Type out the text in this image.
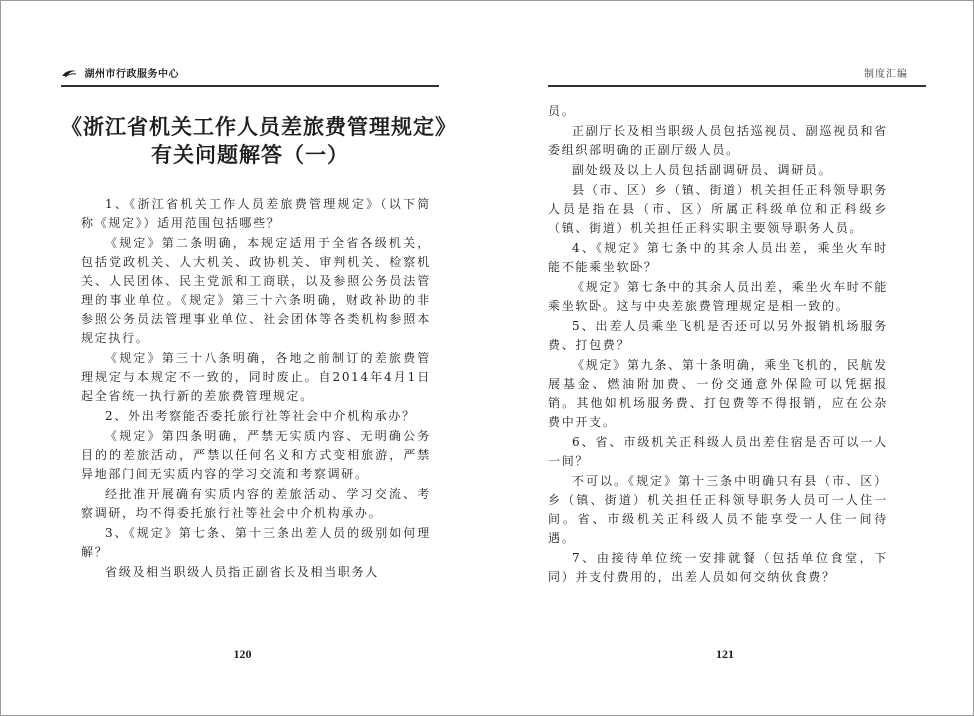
湖州市行政服务中心
《浙江省机关工作人员差旅费管理规定》
有关问题解答（一）

1、《浙江省机关工作人员差旅费管理规定》（以下简称《规定》）适用范围包括哪些？

《规定》第二条明确，本规定适用于全省各级机关，包括党政机关、人大机关、政协机关、审判机关、检察机关、人民团体、民主党派和工商联，以及参照公务员法管理的事业单位。《规定》第三十六条明确，财政补助的非参照公务员法管理事业单位、社会团体等各类机构参照本规定执行。

《规定》第三十八条明确，各地之前制订的差旅费管理规定与本规定不一致的，同时废止。自2014年4月1日起全省统一执行新的差旅费管理规定。

2、外出考察能否委托旅行社等社会中介机构承办？

《规定》第四条明确，严禁无实质内容、无明确公务目的的差旅活动，严禁以任何名义和方式变相旅游，严禁异地部门间无实质内容的学习交流和考察调研。

经批准开展确有实质内容的差旅活动、学习交流、考察调研，均不得委托旅行社等社会中介机构承办。

3、《规定》第七条、第十三条出差人员的级别如何理解？

省级及相当职级人员指正副省长及相当职务人

120
制度汇编

员。

正副厅长及相当职级人员包括巡视员、副巡视员和省委组织部明确的正副厅级人员。

副处级及以上人员包括副调研员、调研员。

县（市、区）乡（镇、街道）机关担任正科领导职务人员是指在县（市、区）所属正科级单位和正科级乡（镇、街道）机关担任正科实职主要领导职务人员。

4、《规定》第七条中的其余人员出差，乘坐火车时能不能乘坐软卧？

《规定》第七条中的其余人员出差，乘坐火车时不能乘坐软卧。这与中央差旅费管理规定是相一致的。

5、出差人员乘坐飞机是否还可以另外报销机场服务费、打包费？

《规定》第九条、第十条明确，乘坐飞机的，民航发展基金、燃油附加费、一份交通意外保险可以凭据报销。其他如机场服务费、打包费等不得报销，应在公杂费中开支。

6、省、市级机关正科级人员出差住宿是否可以一人一间？

不可以。《规定》第十三条中明确只有县（市、区）乡（镇、街道）机关担任正科领导职务人员可一人住一间。省、市级机关正科级人员不能享受一人住一间待遇。

7、由接待单位统一安排就餐（包括单位食堂，下同）并支付费用的，出差人员如何交纳伙食费？

121
